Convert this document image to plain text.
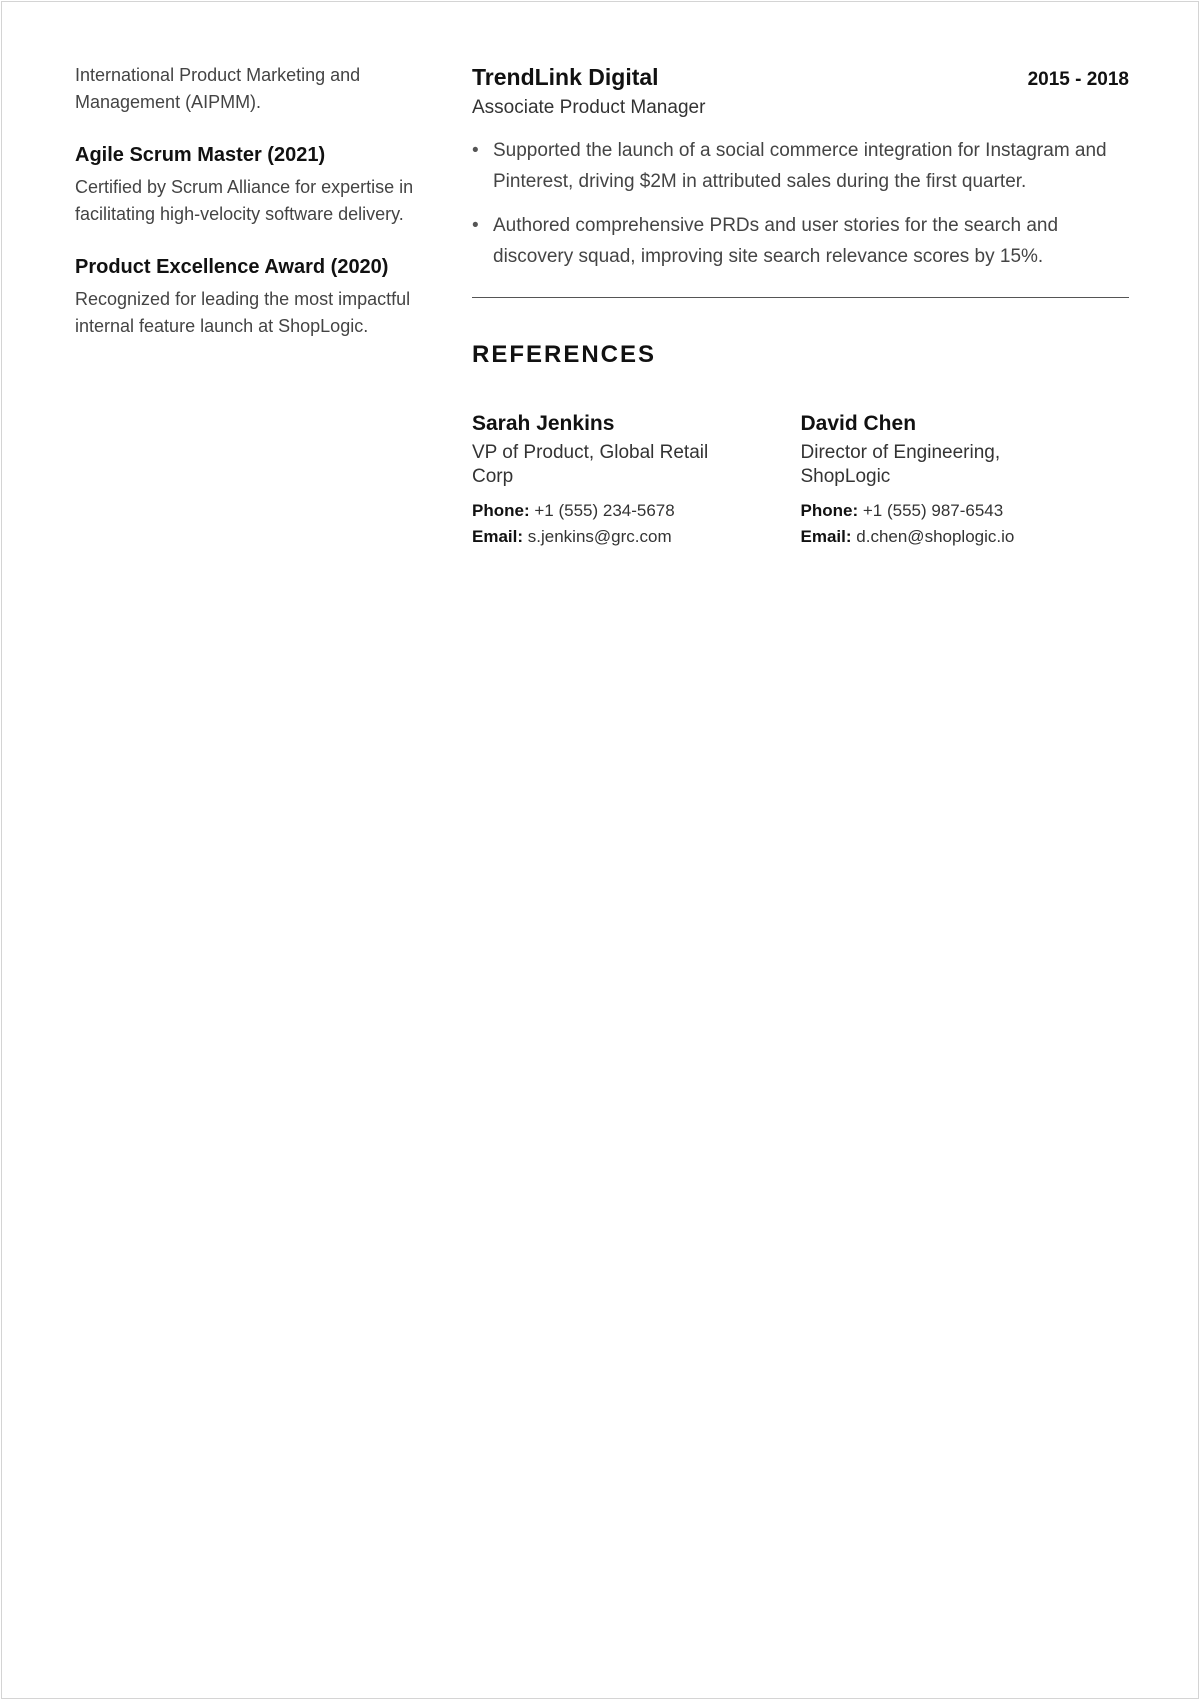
International Product Marketing and Management (AIPMM).

Agile Scrum Master (2021)

Certified by Scrum Alliance for expertise in facilitating high-velocity software delivery.

Product Excellence Award (2020)

Recognized for leading the most impactful internal feature launch at ShopLogic.

TrendLink Digital	2015 - 2018
Associate Product Manager
• Supported the launch of a social commerce integration for Instagram and Pinterest, driving $2M in attributed sales during the first quarter.
• Authored comprehensive PRDs and user stories for the search and discovery squad, improving site search relevance scores by 15%.
REFERENCES
Sarah Jenkins
VP of Product, Global Retail Corp
Phone: +1 (555) 234-5678
Email: s.jenkins@grc.com
David Chen
Director of Engineering, ShopLogic
Phone: +1 (555) 987-6543
Email: d.chen@shoplogic.io
